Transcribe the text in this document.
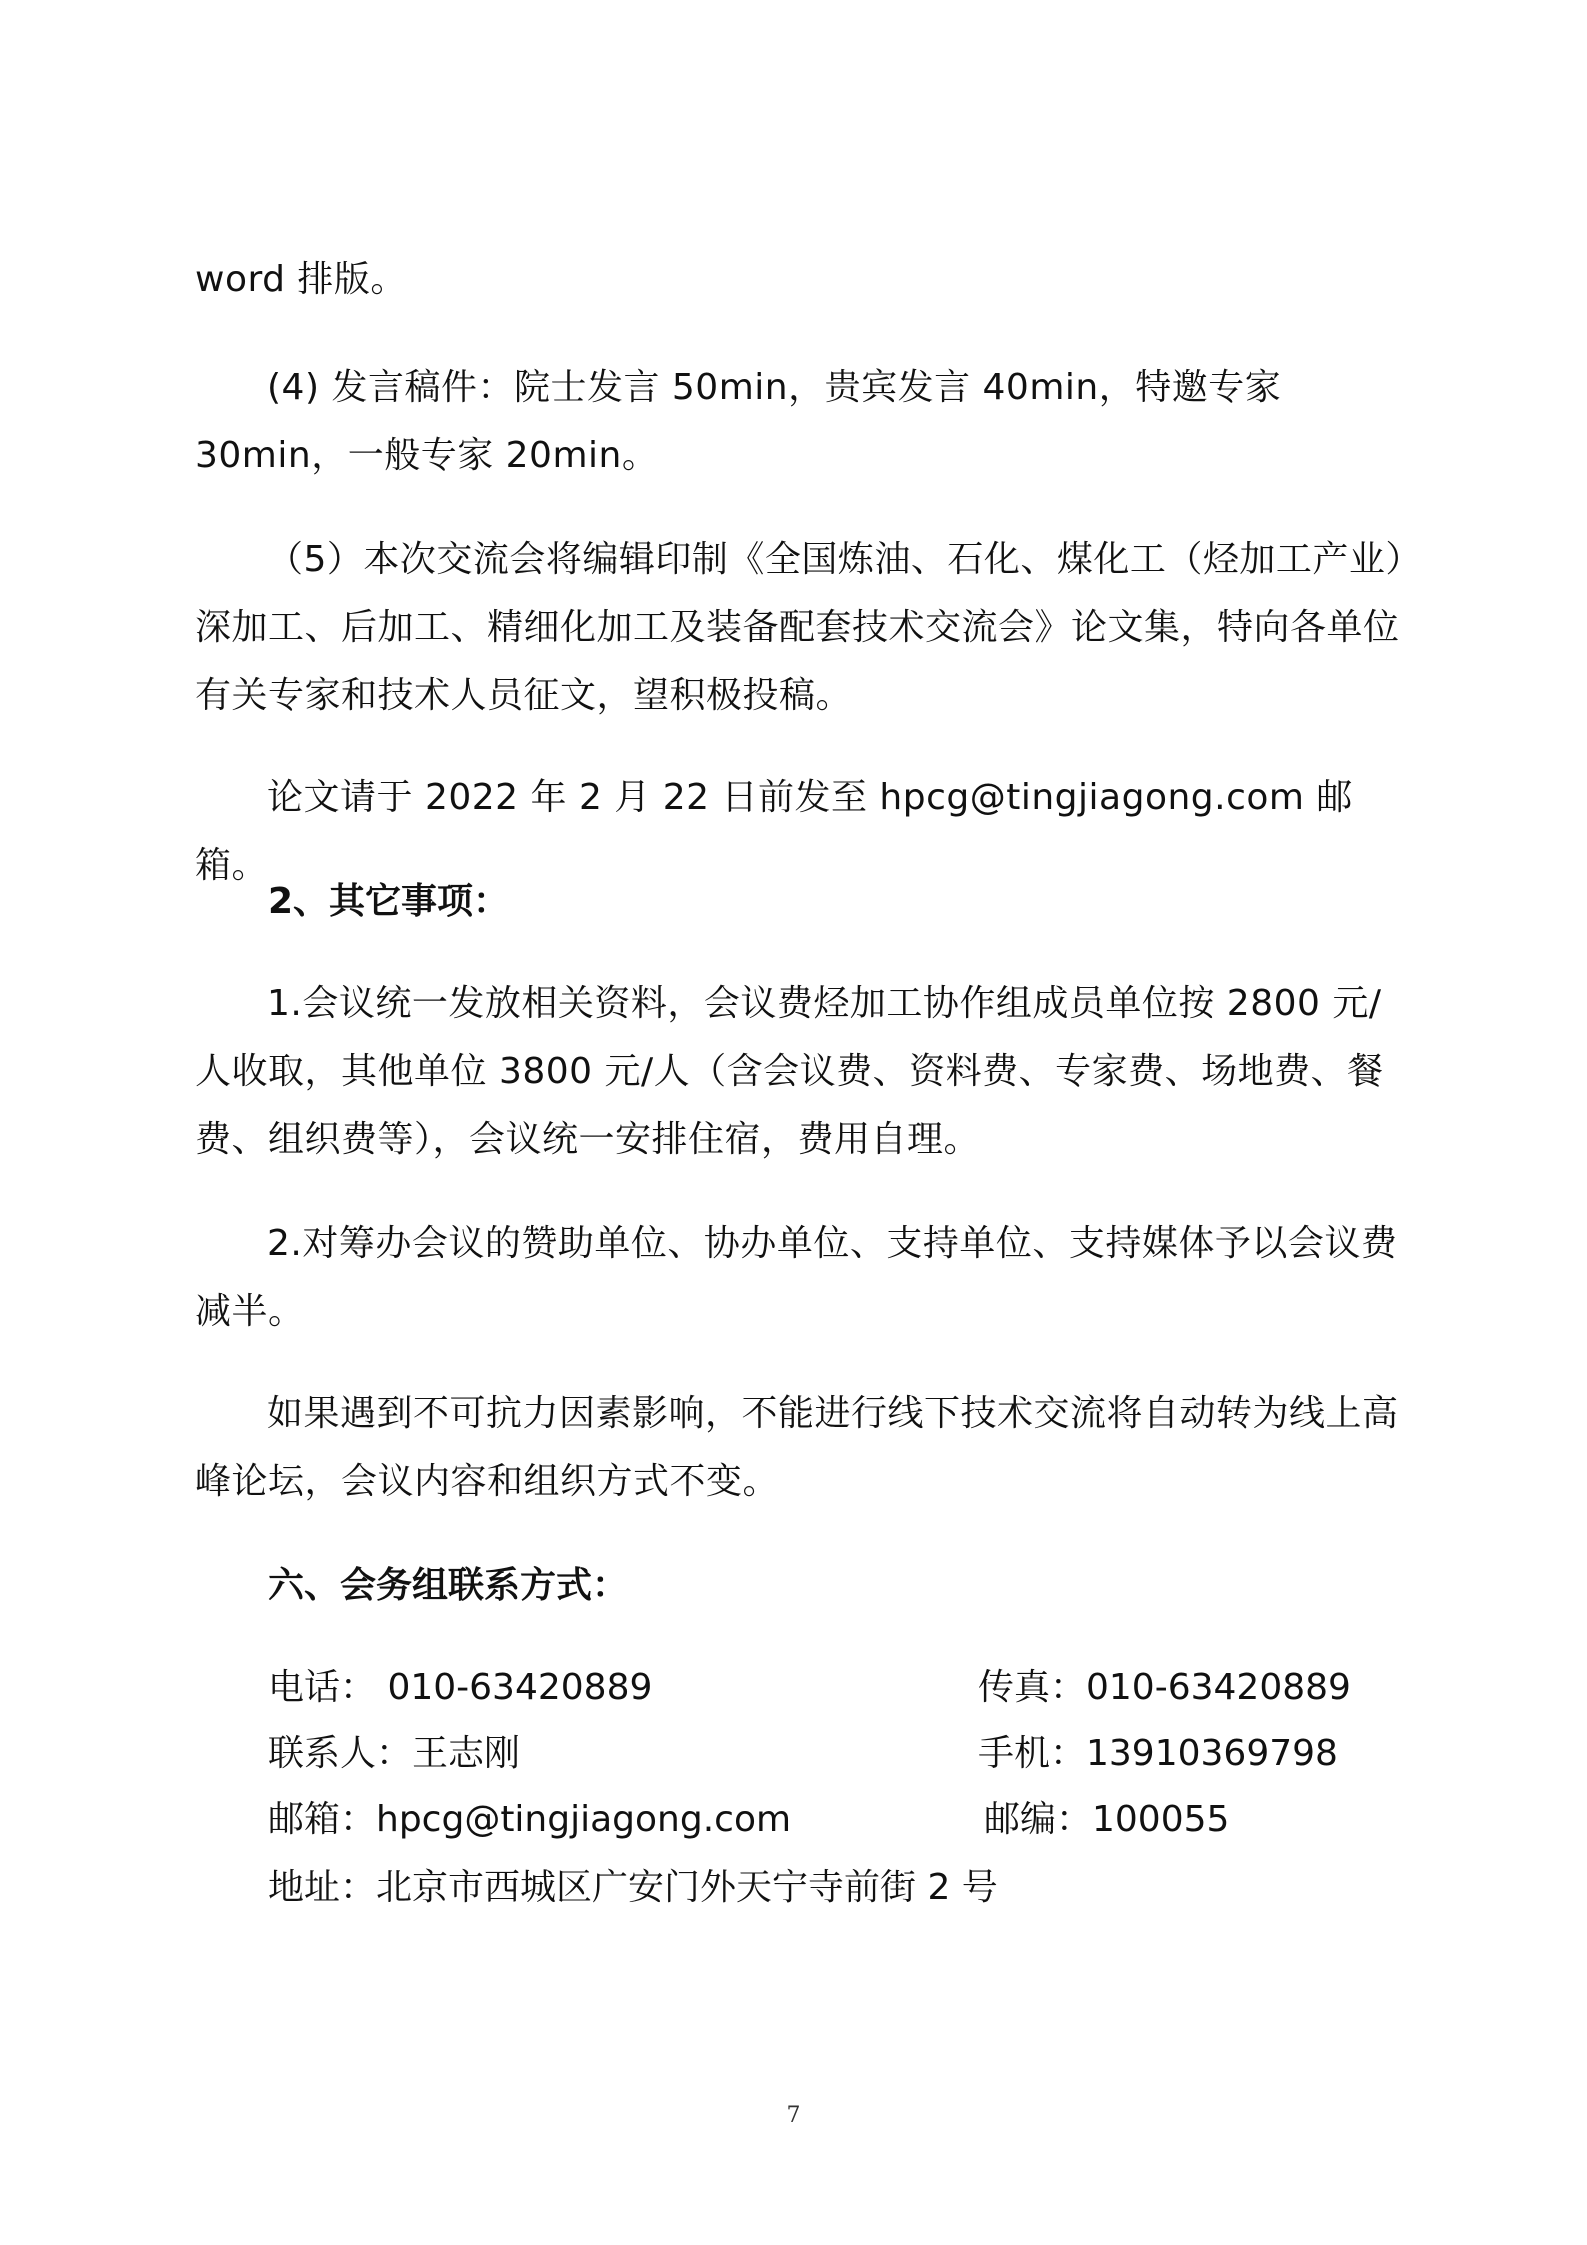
word 排版。

(4) 发言稿件：院士发言 50min，贵宾发言 40min，特邀专家 30min，一般专家 20min。

（5）本次交流会将编辑印制《全国炼油、石化、煤化工（烃加工产业）深加工、后加工、精细化加工及装备配套技术交流会》论文集，特向各单位有关专家和技术人员征文，望积极投稿。

论文请于 2022 年 2 月 22 日前发至 hpcg@tingjiagong.com 邮箱。

2、其它事项：

1.会议统一发放相关资料，会议费烃加工协作组成员单位按 2800 元/人收取，其他单位 3800 元/人（含会议费、资料费、专家费、场地费、餐费、组织费等），会议统一安排住宿，费用自理。

2.对筹办会议的赞助单位、协办单位、支持单位、支持媒体予以会议费减半。

如果遇到不可抗力因素影响，不能进行线下技术交流将自动转为线上高峰论坛，会议内容和组织方式不变。

六、会务组联系方式：

电话： 010-63420889	传真：010-63420889
联系人：王志刚	手机：13910369798
邮箱：hpcg@tingjiagong.com	邮编：100055
地址：北京市西城区广安门外天宁寺前街 2 号
7
